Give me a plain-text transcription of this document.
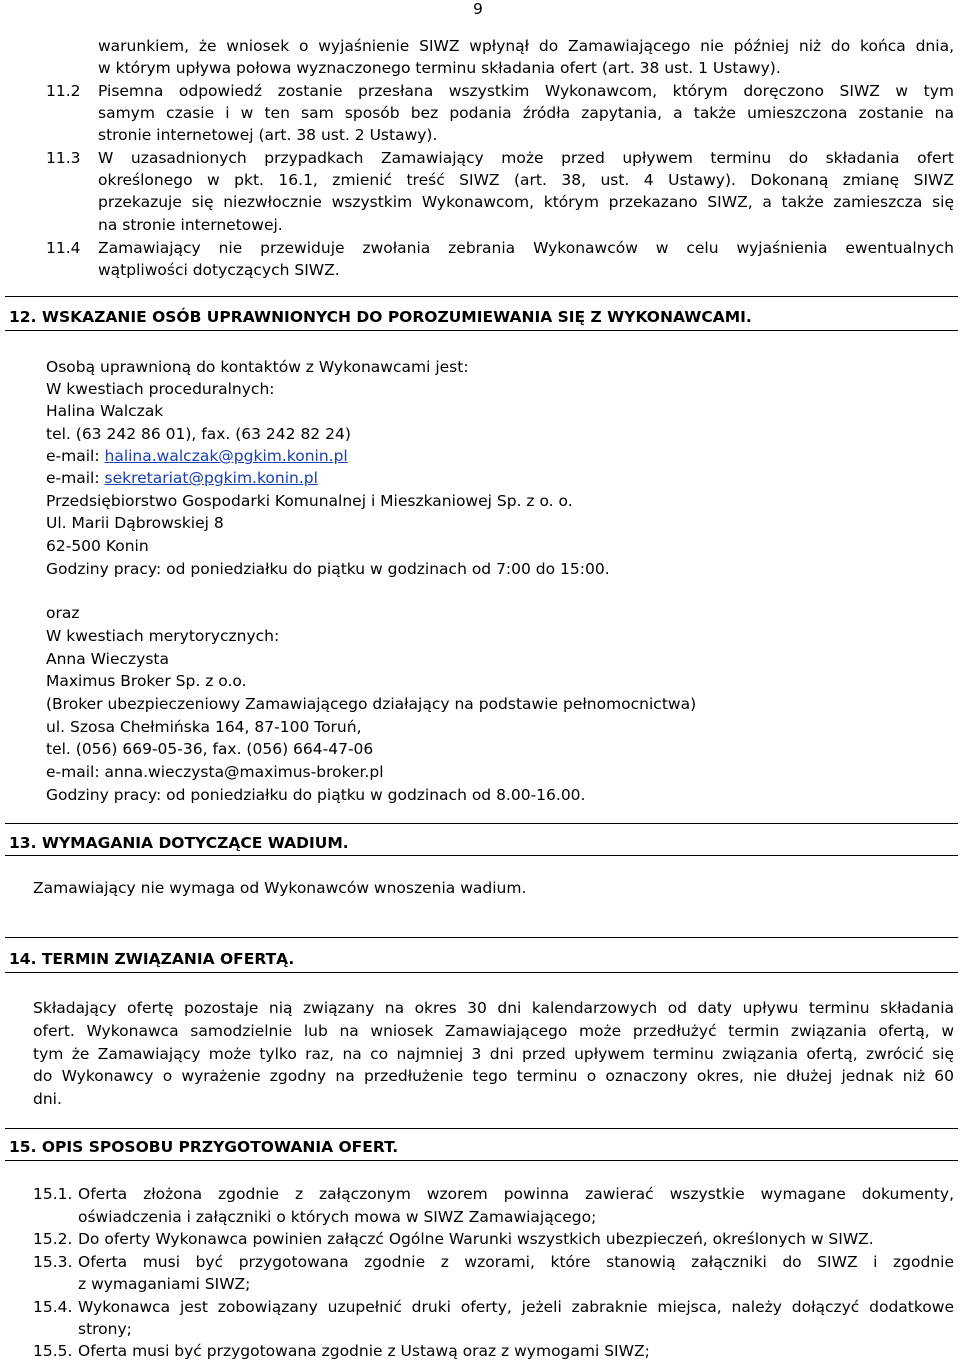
9
warunkiem, że wniosek o wyjaśnienie SIWZ wpłynął do Zamawiającego nie później niż do końca dnia,
w którym upływa połowa wyznaczonego terminu składania ofert (art. 38 ust. 1 Ustawy).
11.2 Pisemna odpowiedź zostanie przesłana wszystkim Wykonawcom, którym doręczono SIWZ w tym
samym czasie i w ten sam sposób bez podania źródła zapytania, a także umieszczona zostanie na
stronie internetowej (art. 38 ust. 2 Ustawy).
11.3 W uzasadnionych przypadkach Zamawiający może przed upływem terminu do składania ofert
określonego w pkt. 16.1, zmienić treść SIWZ (art. 38, ust. 4 Ustawy). Dokonaną zmianę SIWZ
przekazuje się niezwłocznie wszystkim Wykonawcom, którym przekazano SIWZ, a także zamieszcza się
na stronie internetowej.
11.4 Zamawiający nie przewiduje zwołania zebrania Wykonawców w celu wyjaśnienia ewentualnych
wątpliwości dotyczących SIWZ.
12. WSKAZANIE OSÓB UPRAWNIONYCH DO POROZUMIEWANIA SIĘ Z WYKONAWCAMI.
Osobą uprawnioną do kontaktów z Wykonawcami jest:
W kwestiach proceduralnych:
Halina Walczak
tel. (63 242 86 01), fax. (63 242 82 24)
e-mail: halina.walczak@pgkim.konin.pl
e-mail: sekretariat@pgkim.konin.pl
Przedsiębiorstwo Gospodarki Komunalnej i Mieszkaniowej Sp. z o. o.
Ul. Marii Dąbrowskiej 8
62-500 Konin
Godziny pracy: od poniedziałku do piątku w godzinach od 7:00 do 15:00.
oraz
W kwestiach merytorycznych:
Anna Wieczysta
Maximus Broker Sp. z o.o.
(Broker ubezpieczeniowy Zamawiającego działający na podstawie pełnomocnictwa)
ul. Szosa Chełmińska 164, 87-100 Toruń,
tel. (056) 669-05-36, fax. (056) 664-47-06
e-mail: anna.wieczysta@maximus-broker.pl
Godziny pracy: od poniedziałku do piątku w godzinach od 8.00-16.00.
13. WYMAGANIA DOTYCZĄCE WADIUM.
Zamawiający nie wymaga od Wykonawców wnoszenia wadium.
14. TERMIN ZWIĄZANIA OFERTĄ.
Składający ofertę pozostaje nią związany na okres 30 dni kalendarzowych od daty upływu terminu składania
ofert. Wykonawca samodzielnie lub na wniosek Zamawiającego może przedłużyć termin związania ofertą, w
tym że Zamawiający może tylko raz, na co najmniej 3 dni przed upływem terminu związania ofertą, zwrócić się
do Wykonawcy o wyrażenie zgodny na przedłużenie tego terminu o oznaczony okres, nie dłużej jednak niż 60
dni.
15. OPIS SPOSOBU PRZYGOTOWANIA OFERT.
15.1. Oferta złożona zgodnie z załączonym wzorem powinna zawierać wszystkie wymagane dokumenty,
oświadczenia i załączniki o których mowa w SIWZ Zamawiającego;
15.2. Do oferty Wykonawca powinien załączć Ogólne Warunki wszystkich ubezpieczeń, określonych w SIWZ.
15.3. Oferta musi być przygotowana zgodnie z wzorami, które stanowią załączniki do SIWZ i zgodnie
z wymaganiami SIWZ;
15.4. Wykonawca jest zobowiązany uzupełnić druki oferty, jeżeli zabraknie miejsca, należy dołączyć dodatkowe
strony;
15.5. Oferta musi być przygotowana zgodnie z Ustawą oraz z wymogami SIWZ;
